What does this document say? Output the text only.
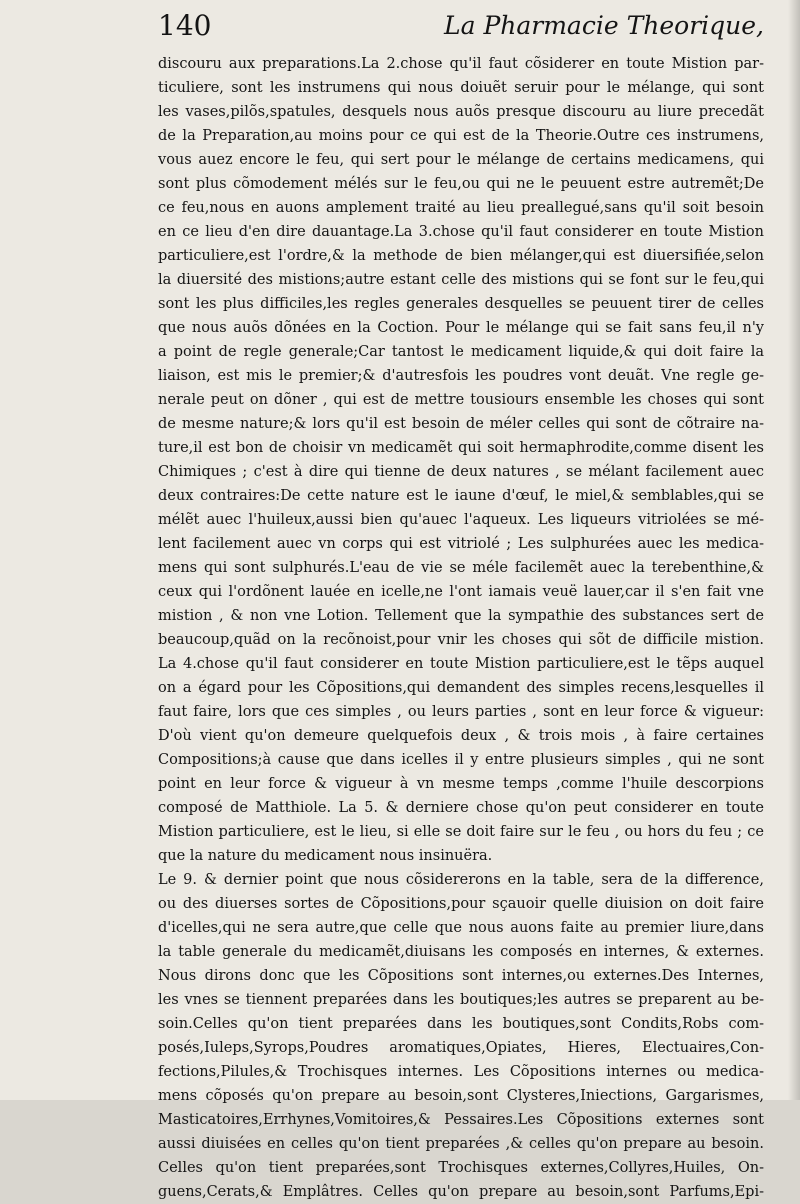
140	La Pharmacie Theorique,
discouru aux preparations.La 2.chose qu'il faut cõsiderer en toute Mistion par-
ticuliere, sont les instrumens qui nous doiuẽt seruir pour le mélange, qui sont
les vases,pilõs,spatules, desquels nous auõs presque discouru au liure precedãt
de la Preparation,au moins pour ce qui est de la Theorie.Outre ces instrumens,
vous auez encore le feu, qui sert pour le mélange de certains medicamens, qui
sont plus cõmodement mélés sur le feu,ou qui ne le peuuent estre autremẽt;De
ce feu,nous en auons amplement traité au lieu preallegué,sans qu'il soit besoin
en ce lieu d'en dire dauantage.La 3.chose qu'il faut considerer en toute Mistion
particuliere,est l'ordre,& la methode de bien mélanger,qui est diuersifiée,selon
la diuersité des mistions;autre estant celle des mistions qui se font sur le feu,qui
sont les plus difficiles,les regles generales desquelles se peuuent tirer de celles
que nous auõs dõnées en la Coction. Pour le mélange qui se fait sans feu,il n'y
a point de regle generale;Car tantost le medicament liquide,& qui doit faire la
liaison, est mis le premier;& d'autresfois les poudres vont deuãt. Vne regle ge-
nerale peut on dõner , qui est de mettre tousiours ensemble les choses qui sont
de mesme nature;& lors qu'il est besoin de méler celles qui sont de cõtraire na-
ture,il est bon de choisir vn medicamẽt qui soit hermaphrodite,comme disent les
Chimiques ; c'est à dire qui tienne de deux natures , se mélant facilement auec
deux contraires:De cette nature est le iaune d'œuf, le miel,& semblables,qui se
mélẽt auec l'huileux,aussi bien qu'auec l'aqueux. Les liqueurs vitriolées se mé-
lent facilement auec vn corps qui est vitriolé ; Les sulphurées auec les medica-
mens qui sont sulphurés.L'eau de vie se méle facilemẽt auec la terebenthine,&
ceux qui l'ordõnent lauée en icelle,ne l'ont iamais veuë lauer,car il s'en fait vne
mistion , & non vne Lotion. Tellement que la sympathie des substances sert de
beaucoup,quãd on la recõnoist,pour vnir les choses qui sõt de difficile mistion.
La 4.chose qu'il faut considerer en toute Mistion particuliere,est le tẽps auquel
on a égard pour les Cõpositions,qui demandent des simples recens,lesquelles il
faut faire, lors que ces simples , ou leurs parties , sont en leur force & vigueur:
D'où vient qu'on demeure quelquefois deux , & trois mois , à faire certaines
Compositions;à cause que dans icelles il y entre plusieurs simples , qui ne sont
point en leur force & vigueur à vn mesme temps ,comme l'huile descorpions
composé de Matthiole. La 5. & derniere chose qu'on peut considerer en toute
Mistion particuliere, est le lieu, si elle se doit faire sur le feu , ou hors du feu ; ce
que la nature du medicament nous insinuëra.
Le 9. & dernier point que nous cõsidererons en la table, sera de la difference,
ou des diuerses sortes de Cõpositions,pour sçauoir quelle diuision on doit faire
d'icelles,qui ne sera autre,que celle que nous auons faite au premier liure,dans
la table generale du medicamẽt,diuisans les composés en internes, & externes.
Nous dirons donc que les Cõpositions sont internes,ou externes.Des Internes,
les vnes se tiennent preparées dans les boutiques;les autres se preparent au be-
soin.Celles qu'on tient preparées dans les boutiques,sont Condits,Robs com-
posés,Iuleps,Syrops,Poudres aromatiques,Opiates, Hieres, Electuaires,Con-
fections,Pilules,& Trochisques internes. Les Cõpositions internes ou medica-
mens cõposés qu'on prepare au besoin,sont Clysteres,Iniections, Gargarismes,
Masticatoires,Errhynes,Vomitoires,& Pessaires.Les Cõpositions externes sont
aussi diuisées en celles qu'on tient preparées ,& celles qu'on prepare au besoin.
Celles qu'on tient preparées,sont Trochisques externes,Collyres,Huiles, On-
guens,Cerats,& Emplâtres. Celles qu'on prepare au besoin,sont Parfums,Epi-
